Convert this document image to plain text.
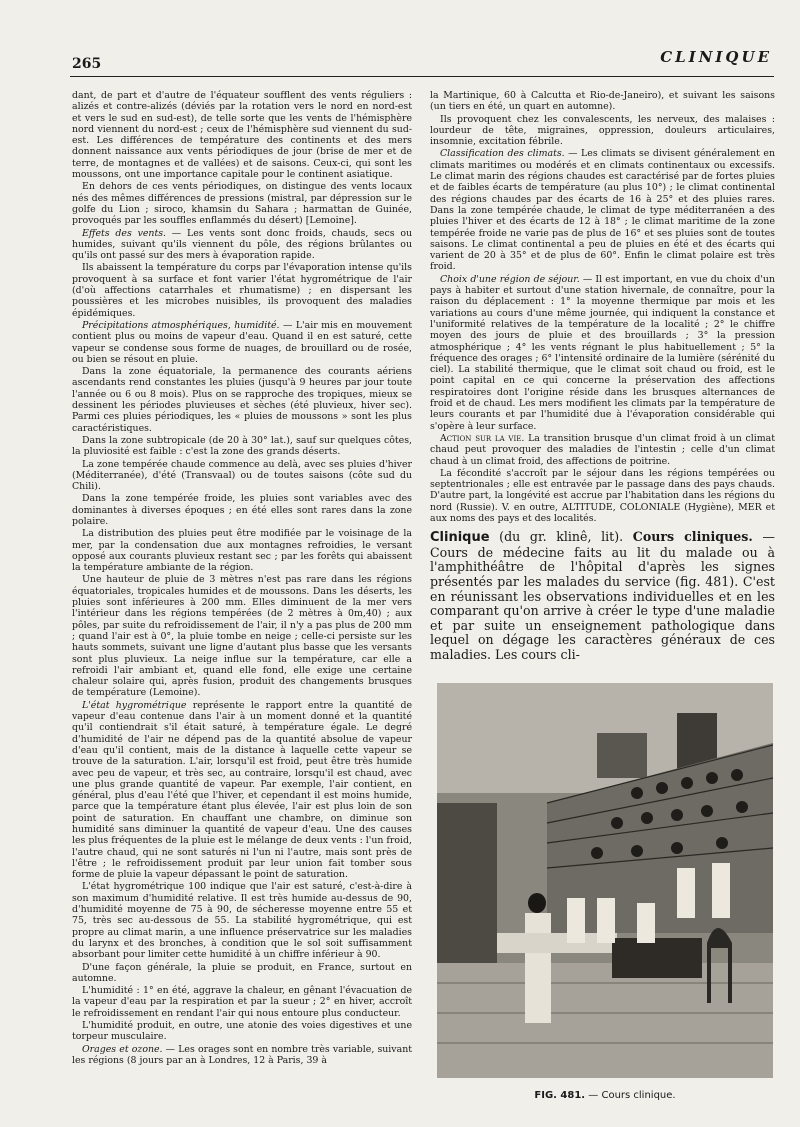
265	CLINIQUE

dant, de part et d'autre de l'équateur soufflent des vents réguliers : alizés et contre-alizés (déviés par la rotation vers le nord en nord-est et vers le sud en sud-est), de telle sorte que les vents de l'hémisphère nord viennent du nord-est ; ceux de l'hémisphère sud viennent du sud-est. Les différences de température des continents et des mers donnent naissance aux vents périodiques de jour (brise de mer et de terre, de montagnes et de vallées) et de saisons. Ceux-ci, qui sont les moussons, ont une importance capitale pour le continent asiatique.

En dehors de ces vents périodiques, on distingue des vents locaux nés des mêmes différences de pressions (mistral, par dépression sur le golfe du Lion ; siroco, khamsin du Sahara ; harmattan de Guinée, provoqués par les souffles enflammés du désert) [Lemoine].

Effets des vents. — Les vents sont donc froids, chauds, secs ou humides, suivant qu'ils viennent du pôle, des régions brûlantes ou qu'ils ont passé sur des mers à évaporation rapide.

Ils abaissent la température du corps par l'évaporation intense qu'ils provoquent à sa surface et font varier l'état hygrométrique de l'air (d'où affections catarrhales et rhumatisme) ; en dispersant les poussières et les microbes nuisibles, ils provoquent des maladies épidémiques.

Précipitations atmosphériques, humidité. — L'air mis en mouvement contient plus ou moins de vapeur d'eau. Quand il en est saturé, cette vapeur se condense sous forme de nuages, de brouillard ou de rosée, ou bien se résout en pluie.

Dans la zone équatoriale, la permanence des courants aériens ascendants rend constantes les pluies (jusqu'à 9 heures par jour toute l'année ou 6 ou 8 mois). Plus on se rapproche des tropiques, mieux se dessinent les périodes pluvieuses et sèches (été pluvieux, hiver sec). Parmi ces pluies périodiques, les « pluies de moussons » sont les plus caractéristiques.

Dans la zone subtropicale (de 20 à 30° lat.), sauf sur quelques côtes, la pluviosité est faible : c'est la zone des grands déserts.

La zone tempérée chaude commence au delà, avec ses pluies d'hiver (Méditerranée), d'été (Transvaal) ou de toutes saisons (côte sud du Chili).

Dans la zone tempérée froide, les pluies sont variables avec des dominantes à diverses époques ; en été elles sont rares dans la zone polaire.

La distribution des pluies peut être modifiée par le voisinage de la mer, par la condensation due aux montagnes refroidies, le versant opposé aux courants pluvieux restant sec ; par les forêts qui abaissent la température ambiante de la région.

Une hauteur de pluie de 3 mètres n'est pas rare dans les régions équatoriales, tropicales humides et de moussons. Dans les déserts, les pluies sont inférieures à 200 mm. Elles diminuent de la mer vers l'intérieur dans les régions tempérées (de 2 mètres à 0m,40) ; aux pôles, par suite du refroidissement de l'air, il n'y a pas plus de 200 mm ; quand l'air est à 0°, la pluie tombe en neige ; celle-ci persiste sur les hauts sommets, suivant une ligne d'autant plus basse que les versants sont plus pluvieux. La neige influe sur la température, car elle a refroidi l'air ambiant et, quand elle fond, elle exige une certaine chaleur solaire qui, après fusion, produit des changements brusques de température (Lemoine).

L'état hygrométrique représente le rapport entre la quantité de vapeur d'eau contenue dans l'air à un moment donné et la quantité qu'il contiendrait s'il était saturé, à température égale. Le degré d'humidité de l'air ne dépend pas de la quantité absolue de vapeur d'eau qu'il contient, mais de la distance à laquelle cette vapeur se trouve de la saturation. L'air, lorsqu'il est froid, peut être très humide avec peu de vapeur, et très sec, au contraire, lorsqu'il est chaud, avec une plus grande quantité de vapeur. Par exemple, l'air contient, en général, plus d'eau l'été que l'hiver, et cependant il est moins humide, parce que la température étant plus élevée, l'air est plus loin de son point de saturation. En chauffant une chambre, on diminue son humidité sans diminuer la quantité de vapeur d'eau. Une des causes les plus fréquentes de la pluie est le mélange de deux vents : l'un froid, l'autre chaud, qui ne sont saturés ni l'un ni l'autre, mais sont près de l'être ; le refroidissement produit par leur union fait tomber sous forme de pluie la vapeur dépassant le point de saturation.

L'état hygrométrique 100 indique que l'air est saturé, c'est-à-dire à son maximum d'humidité relative. Il est très humide au-dessus de 90, d'humidité moyenne de 75 à 90, de sécheresse moyenne entre 55 et 75, très sec au-dessous de 55. La stabilité hygrométrique, qui est propre au climat marin, a une influence préservatrice sur les maladies du larynx et des bronches, à condition que le sol soit suffisamment absorbant pour limiter cette humidité à un chiffre inférieur à 90.

D'une façon générale, la pluie se produit, en France, surtout en automne.

L'humidité : 1° en été, aggrave la chaleur, en gênant l'évacuation de la vapeur d'eau par la respiration et par la sueur ; 2° en hiver, accroît le refroidissement en rendant l'air qui nous entoure plus conducteur.

L'humidité produit, en outre, une atonie des voies digestives et une torpeur musculaire.

Orages et ozone. — Les orages sont en nombre très variable, suivant les régions (8 jours par an à Londres, 12 à Paris, 39 à

la Martinique, 60 à Calcutta et Rio-de-Janeiro), et suivant les saisons (un tiers en été, un quart en automne).

Ils provoquent chez les convalescents, les nerveux, des malaises : lourdeur de tête, migraines, oppression, douleurs articulaires, insomnie, excitation fébrile.

Classification des climats. — Les climats se divisent généralement en climats maritimes ou modérés et en climats continentaux ou excessifs. Le climat marin des régions chaudes est caractérisé par de fortes pluies et de faibles écarts de température (au plus 10°) ; le climat continental des régions chaudes par des écarts de 16 à 25° et des pluies rares. Dans la zone tempérée chaude, le climat de type méditerranéen a des pluies l'hiver et des écarts de 12 à 18° ; le climat maritime de la zone tempérée froide ne varie pas de plus de 16° et ses pluies sont de toutes saisons. Le climat continental a peu de pluies en été et des écarts qui varient de 20 à 35° et de plus de 60°. Enfin le climat polaire est très froid.

Choix d'une région de séjour. — Il est important, en vue du choix d'un pays à habiter et surtout d'une station hivernale, de connaître, pour la raison du déplacement : 1° la moyenne thermique par mois et les variations au cours d'une même journée, qui indiquent la constance et l'uniformité relatives de la température de la localité ; 2° le chiffre moyen des jours de pluie et des brouillards ; 3° la pression atmosphérique ; 4° les vents régnant le plus habituellement ; 5° la fréquence des orages ; 6° l'intensité ordinaire de la lumière (sérénité du ciel). La stabilité thermique, que le climat soit chaud ou froid, est le point capital en ce qui concerne la préservation des affections respiratoires dont l'origine réside dans les brusques alternances de froid et de chaud. Les mers modifient les climats par la température de leurs courants et par l'humidité due à l'évaporation considérable qui s'opère à leur surface.

Action sur la vie. La transition brusque d'un climat froid à un climat chaud peut provoquer des maladies de l'intestin ; celle d'un climat chaud à un climat froid, des affections de poitrine.

La fécondité s'accroît par le séjour dans les régions tempérées ou septentrionales ; elle est entravée par le passage dans des pays chauds. D'autre part, la longévité est accrue par l'habitation dans les régions du nord (Russie). V. en outre, ALTITUDE, COLONIALE (Hygiène), MER et aux noms des pays et des localités.

Clinique (du gr. klinê, lit). Cours cliniques. — Cours de médecine faits au lit du malade ou à l'amphithéâtre de l'hôpital d'après les signes présentés par les malades du service (fig. 481). C'est en réunissant les observations individuelles et en les comparant qu'on arrive à créer le type d'une maladie et par suite un enseignement pathologique dans lequel on dégage les caractères généraux de ces maladies. Les cours cli-
FIG. 481. — Cours clinique.
